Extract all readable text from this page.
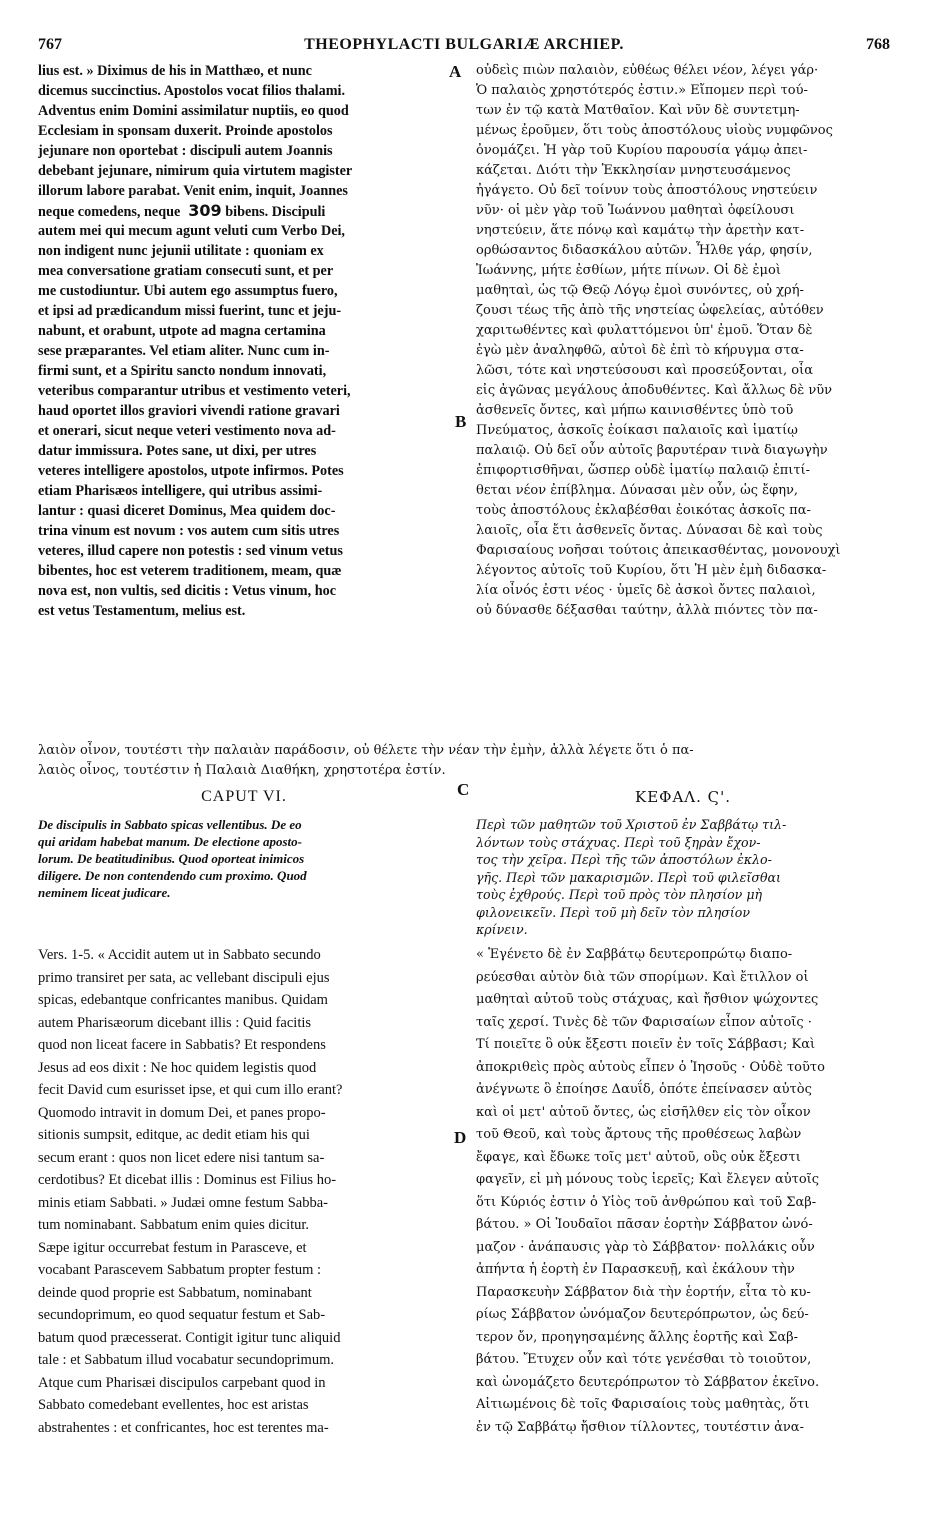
767	THEOPHYLACTI BULGARIÆ ARCHIEP.	768
lius est. » Diximus de his in Matthæo, et nunc
dicemus succinctius. Apostolos vocat filios thalami.
Adventus enim Domini assimilatur nuptiis, eo quod
Ecclesiam in sponsam duxerit. Proinde apostolos
jejunare non oportebat : discipuli autem Joannis
debebant jejunare, nimirum quia virtutem magister
illorum labore parabat. Venit enim, inquit, Joannes
neque comedens, neque 309 bibens. Discipuli
autem mei qui mecum agunt veluti cum Verbo Dei,
non indigent nunc jejunii utilitate : quoniam ex
mea conversatione gratiam consecuti sunt, et per
me custodiuntur. Ubi autem ego assumptus fuero,
et ipsi ad prædicandum missi fuerint, tunc et jeju-
nabunt, et orabunt, utpote ad magna certamina
sese præparantes. Vel etiam aliter. Nunc cum in-
firmi sunt, et a Spiritu sancto nondum innovati,
veteribus comparantur utribus et vestimento veteri,
haud oportet illos graviori vivendi ratione gravari
et onerari, sicut neque veteri vestimento nova ad-
datur immissura. Potes sane, ut dixi, per utres
veteres intelligere apostolos, utpote infirmos. Potes
etiam Pharisæos intelligere, qui utribus assimi-
lantur : quasi diceret Dominus, Mea quidem doc-
trina vinum est novum : vos autem cum sitis utres
veteres, illud capere non potestis : sed vinum vetus
bibentes, hoc est veterem traditionem, meam, quæ
nova est, non vultis, sed dicitis : Vetus vinum, hoc
est vetus Testamentum, melius est.
οὐδεὶς πιὼν παλαιὸν, εὐθέως θέλει νέον, λέγει γάρ·
Ὁ παλαιὸς χρηστότερός ἐστιν.» Εἴπομεν περὶ τού-
των ἐν τῷ κατὰ Ματθαῖον. Καὶ νῦν δὲ συντετμη-
μένως ἐροῦμεν, ὅτι τοὺς ἀποστόλους υἱοὺς νυμφῶνος
ὀνομάζει. Ἡ γὰρ τοῦ Κυρίου παρουσία γάμῳ ἀπει-
κάζεται. Διότι τὴν Ἐκκλησίαν μνηστευσάμενος
ἠγάγετο. Οὐ δεῖ τοίνυν τοὺς ἀποστόλους νηστεύειν
νῦν· οἱ μὲν γὰρ τοῦ Ἰωάννου μαθηταὶ ὀφείλουσι
νηστεύειν, ἅτε πόνῳ καὶ καμάτῳ τὴν ἀρετὴν κατ-
ορθώσαντος διδασκάλου αὐτῶν. Ἦλθε γάρ, φησίν,
Ἰωάννης, μήτε ἐσθίων, μήτε πίνων. Οἱ δὲ ἐμοὶ
μαθηταὶ, ὡς τῷ Θεῷ Λόγῳ ἐμοὶ συνόντες, οὐ χρή-
ζουσι τέως τῆς ἀπὸ τῆς νηστείας ὠφελείας, αὐτόθεν
χαριτωθέντες καὶ φυλαττόμενοι ὑπ' ἐμοῦ. Ὅταν δὲ
ἐγὼ μὲν ἀναληφθῶ, αὐτοὶ δὲ ἐπὶ τὸ κήρυγμα στα-
λῶσι, τότε καὶ νηστεύσουσι καὶ προσεύξονται, οἷα
εἰς ἀγῶνας μεγάλους ἀποδυθέντες. Καὶ ἄλλως δὲ νῦν
ἀσθενεῖς ὄντες, καὶ μήπω καινισθέντες ὑπὸ τοῦ
Πνεύματος, ἀσκοῖς ἐοίκασι παλαιοῖς καὶ ἱματίῳ
παλαιῷ. Οὐ δεῖ οὖν αὐτοῖς βαρυτέραν τινὰ διαγωγὴν
ἐπιφορτισθῆναι, ὥσπερ οὐδὲ ἱματίῳ παλαιῷ ἐπιτί-
θεται νέον ἐπίβλημα. Δύνασαι μὲν οὖν, ὡς ἔφην,
τοὺς ἀποστόλους ἐκλαβέσθαι ἐοικότας ἀσκοῖς πα-
λαιοῖς, οἷα ἔτι ἀσθενεῖς ὄντας. Δύνασαι δὲ καὶ τοὺς
Φαρισαίους νοῆσαι τούτοις ἀπεικασθέντας, μονονουχὶ
λέγοντος αὐτοῖς τοῦ Κυρίου, ὅτι Ἡ μὲν ἐμὴ διδασκα-
λία οἶνός ἐστι νέος · ὑμεῖς δὲ ἀσκοὶ ὄντες παλαιοὶ,
οὐ δύνασθε δέξασθαι ταύτην, ἀλλὰ πιόντες τὸν πα-
A
B
C
D
λαιὸν οἶνον, τουτέστι τὴν παλαιὰν παράδοσιν, οὐ θέλετε τὴν νέαν τὴν ἐμὴν, ἀλλὰ λέγετε ὅτι ὁ πα-
λαιὸς οἶνος, τουτέστιν ἡ Παλαιὰ Διαθήκη, χρηστοτέρα ἐστίν.
CAPUT VI.	ΚΕΦΑΛ. Ϛ'.
De discipulis in Sabbato spicas vellentibus. De eo
qui aridam habebat manum. De electione aposto-
lorum. De beatitudinibus. Quod oporteat inimicos
diligere. De non contendendo cum proximo. Quod
neminem liceat judicare.
Περὶ τῶν μαθητῶν τοῦ Χριστοῦ ἐν Σαββάτῳ τιλ-
λόντων τοὺς στάχυας. Περὶ τοῦ ξηρὰν ἔχον-
τος τὴν χεῖρα. Περὶ τῆς τῶν ἀποστόλων ἐκλο-
γῆς. Περὶ τῶν μακαρισμῶν. Περὶ τοῦ φιλεῖσθαι
τοὺς ἐχθρούς. Περὶ τοῦ πρὸς τὸν πλησίον μὴ
φιλονεικεῖν. Περὶ τοῦ μὴ δεῖν τὸν πλησίον
κρίνειν.
Vers. 1-5. « Accidit autem ut in Sabbato secundo
primo transiret per sata, ac vellebant discipuli ejus
spicas, edebantque confricantes manibus. Quidam
autem Pharisæorum dicebant illis : Quid facitis
quod non liceat facere in Sabbatis? Et respondens
Jesus ad eos dixit : Ne hoc quidem legistis quod
fecit David cum esurisset ipse, et qui cum illo erant?
Quomodo intravit in domum Dei, et panes propo-
sitionis sumpsit, editque, ac dedit etiam his qui
secum erant : quos non licet edere nisi tantum sa-
cerdotibus? Et dicebat illis : Dominus est Filius ho-
minis etiam Sabbati. » Judæi omne festum Sabba-
tum nominabant. Sabbatum enim quies dicitur.
Sæpe igitur occurrebat festum in Parasceve, et
vocabant Parascevem Sabbatum propter festum :
deinde quod proprie est Sabbatum, nominabant
secundoprimum, eo quod sequatur festum et Sab-
batum quod præcesserat. Contigit igitur tunc aliquid
tale : et Sabbatum illud vocabatur secundoprimum.
Atque cum Pharisæi discipulos carpebant quod in
Sabbato comedebant evellentes, hoc est aristas
abstrahentes : et confricantes, hoc est terentes ma-
« Ἐγένετο δὲ ἐν Σαββάτῳ δευτεροπρώτῳ διαπο-
ρεύεσθαι αὐτὸν διὰ τῶν σπορίμων. Καὶ ἔτιλλον οἱ
μαθηταὶ αὐτοῦ τοὺς στάχυας, καὶ ἤσθιον ψώχοντες
ταῖς χερσί. Τινὲς δὲ τῶν Φαρισαίων εἶπον αὐτοῖς ·
Τί ποιεῖτε ὃ οὐκ ἔξεστι ποιεῖν ἐν τοῖς Σάββασι; Καὶ
ἀποκριθεὶς πρὸς αὐτοὺς εἶπεν ὁ Ἰησοῦς · Οὐδὲ τοῦτο
ἀνέγνωτε ὃ ἐποίησε Δαυΐδ, ὁπότε ἐπείνασεν αὐτὸς
καὶ οἱ μετ' αὐτοῦ ὄντες, ὡς εἰσῆλθεν εἰς τὸν οἶκον
τοῦ Θεοῦ, καὶ τοὺς ἄρτους τῆς προθέσεως λαβὼν
ἔφαγε, καὶ ἔδωκε τοῖς μετ' αὐτοῦ, οὓς οὐκ ἔξεστι
φαγεῖν, εἰ μὴ μόνους τοὺς ἱερεῖς; Καὶ ἔλεγεν αὐτοῖς
ὅτι Κύριός ἐστιν ὁ Υἱὸς τοῦ ἀνθρώπου καὶ τοῦ Σαβ-
βάτου. » Οἱ Ἰουδαῖοι πᾶσαν ἑορτὴν Σάββατον ὠνό-
μαζον · ἀνάπαυσις γὰρ τὸ Σάββατον· πολλάκις οὖν
ἀπήντα ἡ ἑορτὴ ἐν Παρασκευῇ, καὶ ἐκάλουν τὴν
Παρασκευὴν Σάββατον διὰ τὴν ἑορτήν, εἶτα τὸ κυ-
ρίως Σάββατον ὠνόμαζον δευτερόπρωτον, ὡς δεύ-
τερον ὄν, προηγησαμένης ἄλλης ἑορτῆς καὶ Σαβ-
βάτου. Ἔτυχεν οὖν καὶ τότε γενέσθαι τὸ τοιοῦτον,
καὶ ὠνομάζετο δευτερόπρωτον τὸ Σάββατον ἐκεῖνο.
Αἰτιωμένοις δὲ τοῖς Φαρισαίοις τοὺς μαθητὰς, ὅτι
ἐν τῷ Σαββάτῳ ἤσθιον τίλλοντες, τουτέστιν ἀνα-
